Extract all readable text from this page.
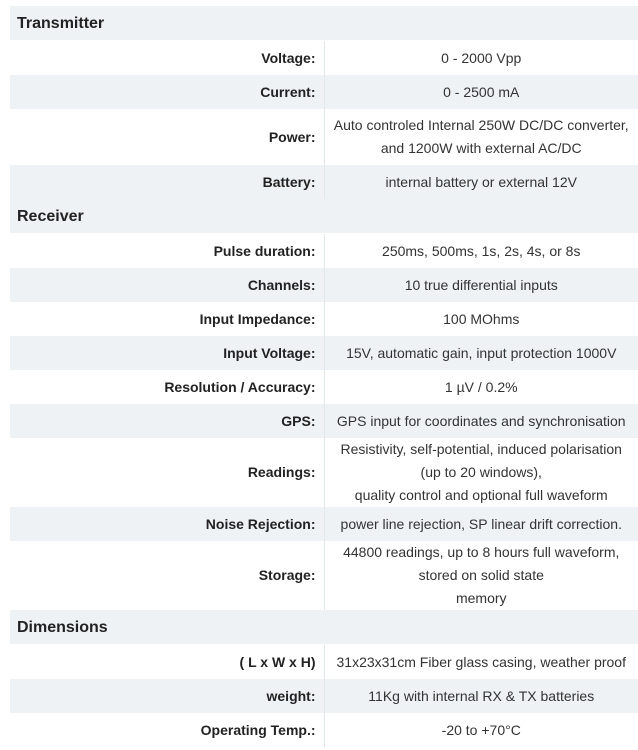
Transmitter	
Voltage:	0 - 2000 Vpp

Current:	0 - 2500 mA

Power:	Auto controled Internal 250W DC/DC converter,
and 1200W with external AC/DC

Battery:	internal battery or external 12V

Receiver	
Pulse duration:	250ms, 500ms, 1s, 2s, 4s, or 8s

Channels:	10 true differential inputs

Input Impedance:	100 MOhms

Input Voltage:	15V, automatic gain, input protection 1000V

Resolution / Accuracy:	1 µV / 0.2%

GPS:	GPS input for coordinates and synchronisation

Readings:	Resistivity, self-potential, induced polarisation (up to 20 windows),
quality control and optional full waveform

Noise Rejection:	power line rejection, SP linear drift correction.

Storage:	44800 readings, up to 8 hours full waveform, stored on solid state
memory

Dimensions	
( L x W x H)	31x23x31cm Fiber glass casing, weather proof

weight:	11Kg with internal RX & TX batteries

Operating Temp.:	-20 to +70°C
